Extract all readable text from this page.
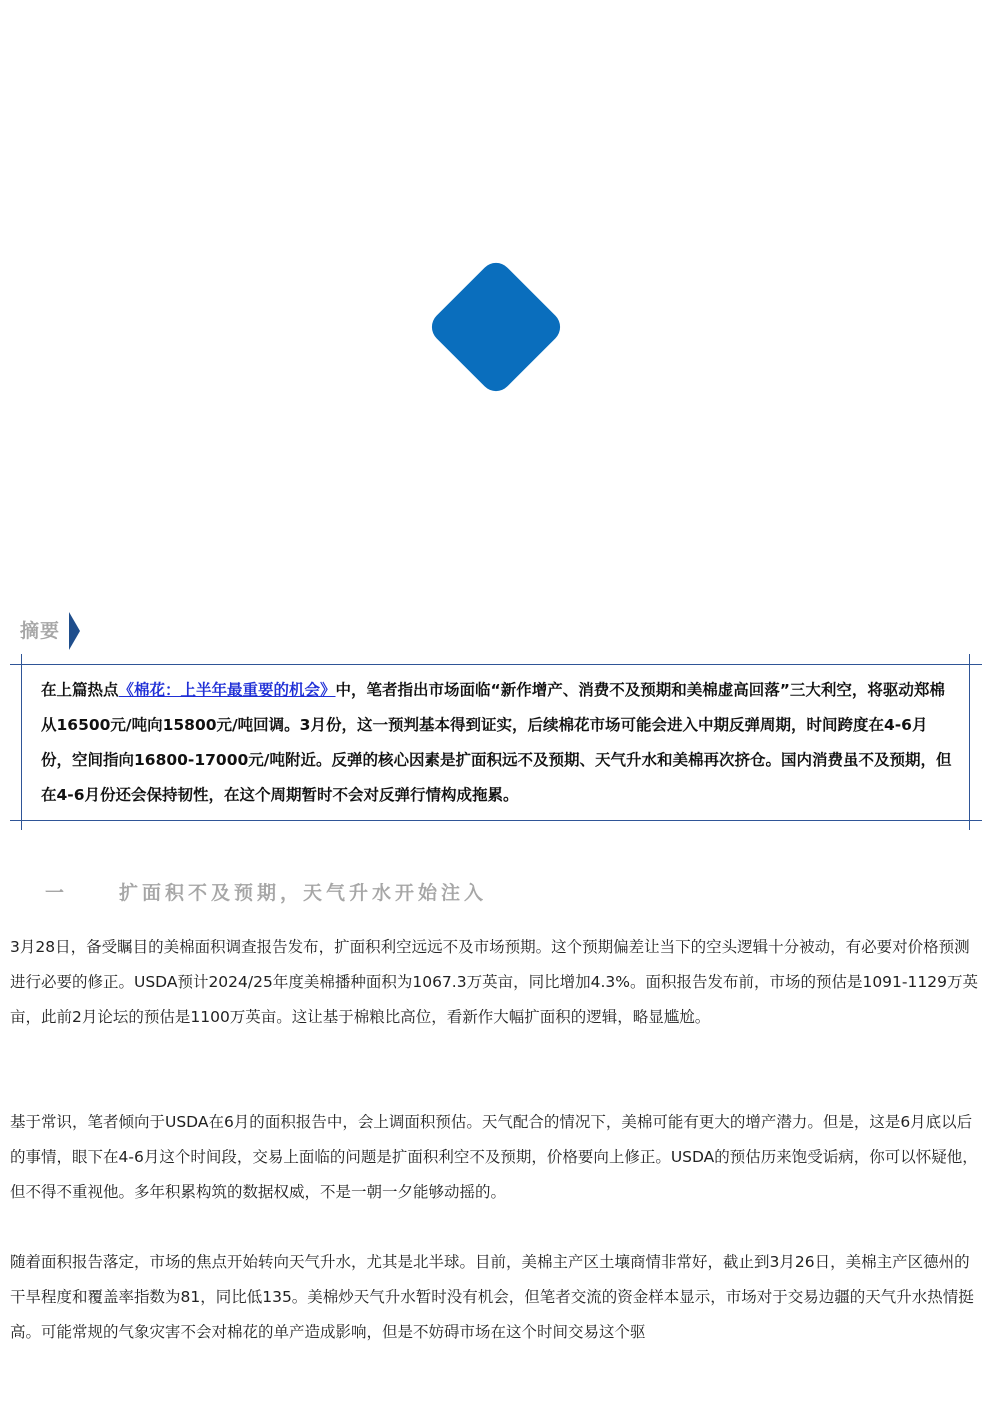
摘要
在上篇热点《棉花：上半年最重要的机会》中，笔者指出市场面临“新作增产、消费不及预期和美棉虚高回落”三大利空，将驱动郑棉从16500元/吨向15800元/吨回调。3月份，这一预判基本得到证实，后续棉花市场可能会进入中期反弹周期，时间跨度在4-6月份，空间指向16800-17000元/吨附近。反弹的核心因素是扩面积远不及预期、天气升水和美棉再次挤仓。国内消费虽不及预期，但在4-6月份还会保持韧性，在这个周期暂时不会对反弹行情构成拖累。
一	扩面积不及预期，天气升水开始注入

3月28日，备受瞩目的美棉面积调查报告发布，扩面积利空远远不及市场预期。这个预期偏差让当下的空头逻辑十分被动，有必要对价格预测进行必要的修正。USDA预计2024/25年度美棉播种面积为1067.3万英亩，同比增加4.3%。面积报告发布前，市场的预估是1091-1129万英亩，此前2月论坛的预估是1100万英亩。这让基于棉粮比高位，看新作大幅扩面积的逻辑，略显尴尬。

基于常识，笔者倾向于USDA在6月的面积报告中，会上调面积预估。天气配合的情况下，美棉可能有更大的增产潜力。但是，这是6月底以后的事情，眼下在4-6月这个时间段，交易上面临的问题是扩面积利空不及预期，价格要向上修正。USDA的预估历来饱受诟病，你可以怀疑他，但不得不重视他。多年积累构筑的数据权威，不是一朝一夕能够动摇的。

随着面积报告落定，市场的焦点开始转向天气升水，尤其是北半球。目前，美棉主产区土壤商情非常好，截止到3月26日，美棉主产区德州的干旱程度和覆盖率指数为81，同比低135。美棉炒天气升水暂时没有机会，但笔者交流的资金样本显示，市场对于交易边疆的天气升水热情挺高。可能常规的气象灾害不会对棉花的单产造成影响，但是不妨碍市场在这个时间交易这个驱
